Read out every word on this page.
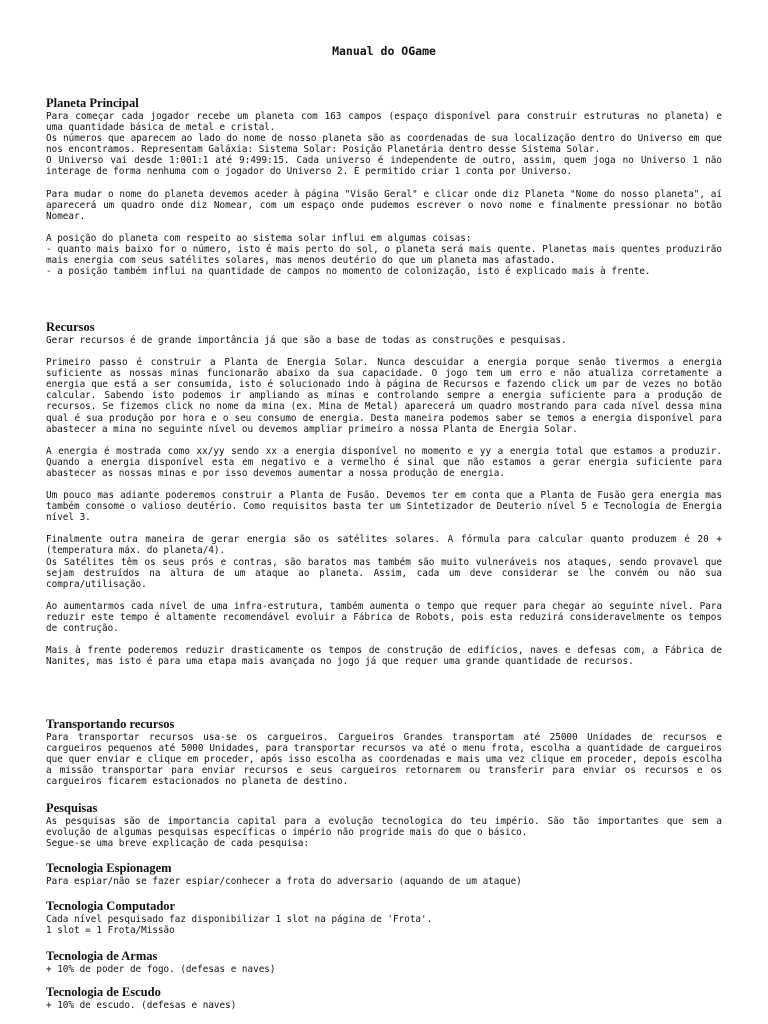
Manual do OGame
Planeta Principal
Para começar cada jogador recebe um planeta com 163 campos (espaço disponível para construir estruturas no planeta) e uma quantidade básica de metal e cristal.
Os números que aparecem ao lado do nome de nosso planeta são as coordenadas de sua localização dentro do Universo em que nos encontramos. Representam Galáxia: Sistema Solar: Posição Planetária dentro desse Sistema Solar.
O Universo vai desde 1:001:1 até 9:499:15. Cada universo é independente de outro, assim, quem joga no Universo 1 não interage de forma nenhuma com o jogador do Universo 2. É permitido criar 1 conta por Universo.
Para mudar o nome do planeta devemos aceder à página "Visão Geral" e clicar onde diz Planeta "Nome do nosso planeta", aí aparecerá um quadro onde diz Nomear, com um espaço onde pudemos escrever o novo nome e finalmente pressionar no botão Nomear.
A posição do planeta com respeito ao sistema solar influi em algumas coisas:
- quanto mais baixo for o número, isto é mais perto do sol, o planeta será mais quente. Planetas mais quentes produzirão mais energia com seus satélites solares, mas menos deutério do que um planeta mas afastado.
- a posição também influi na quantidade de campos no momento de colonização, isto é explicado mais à frente.
Recursos
Gerar recursos é de grande importância já que são a base de todas as construções e pesquisas.
Primeiro passo é construir a Planta de Energia Solar. Nunca descuidar a energia porque senão tivermos a energia suficiente as nossas minas funcionarão abaixo da sua capacidade. O jogo tem um erro e não atualiza corretamente a energia que está a ser consumida, isto é solucionado indo à página de Recursos e fazendo click um par de vezes no botão calcular. Sabendo isto podemos ir ampliando as minas e controlando sempre a energia suficiente para a produção de recursos. Se fizemos click no nome da mina (ex. Mina de Metal) aparecerá um quadro mostrando para cada nível dessa mina qual é sua produção por hora e o seu consumo de energia. Desta maneira podemos saber se temos a energia disponível para abastecer a mina no seguinte nível ou devemos ampliar primeiro a nossa Planta de Energia Solar.
A energia é mostrada como xx/yy sendo xx a energia disponível no momento e yy a energia total que estamos a produzir. Quando a energia disponível esta em negativo e a vermelho é sinal que não estamos a gerar energia suficiente para abastecer as nossas minas e por isso devemos aumentar a nossa produção de energia.
Um pouco mas adiante poderemos construir a Planta de Fusão. Devemos ter em conta que a Planta de Fusão gera energia mas também consome o valioso deutério. Como requisitos basta ter um Sintetizador de Deuterio nível 5 e Tecnologia de Energia nível 3.
Finalmente outra maneira de gerar energia são os satélites solares. A fórmula para calcular quanto produzem é 20 + (temperatura máx. do planeta/4).
Os Satélites têm os seus prós e contras, são baratos mas também são muito vulneráveis nos ataques, sendo provavel que sejam destruídos na altura de um ataque ao planeta. Assim, cada um deve considerar se lhe convém ou não sua compra/utilisação.
Ao aumentarmos cada nível de uma infra-estrutura, também aumenta o tempo que requer para chegar ao seguinte nível. Para reduzir este tempo é altamente recomendável evoluir a Fábrica de Robots, pois esta reduzirá consideravelmente os tempos de contrução.
Mais à frente poderemos reduzir drasticamente os tempos de construção de edifícios, naves e defesas com, a Fábrica de Nanites, mas isto é para uma etapa mais avançada no jogo já que requer uma grande quantidade de recursos.
Transportando recursos
Para transportar recursos usa-se os cargueiros. Cargueiros Grandes transportam até 25000 Unidades de recursos e cargueiros pequenos até 5000 Unidades, para transportar recursos va até o menu frota, escolha a quantidade de cargueiros que quer enviar e clique em proceder, após isso escolha as coordenadas e mais uma vez clique em proceder, depois escolha a missão transportar para enviar recursos e seus cargueiros retornarem ou transferir para enviar os recursos e os cargueiros ficarem estacionados no planeta de destino.
Pesquisas
As pesquisas são de importancia capital para a evolução tecnologica do teu império. São tão importantes que sem a evolução de algumas pesquisas específicas o império não progride mais do que o básico.
Segue-se uma breve explicação de cada pesquisa:
Tecnologia Espionagem
Para espiar/não se fazer espiar/conhecer a frota do adversario (aquando de um ataque)
Tecnologia Computador
Cada nível pesquisado faz disponibilizar 1 slot na página de 'Frota'.
1 slot = 1 Frota/Missão
Tecnologia de Armas
+ 10% de poder de fogo. (defesas e naves)
Tecnologia de Escudo
+ 10% de escudo. (defesas e naves)
